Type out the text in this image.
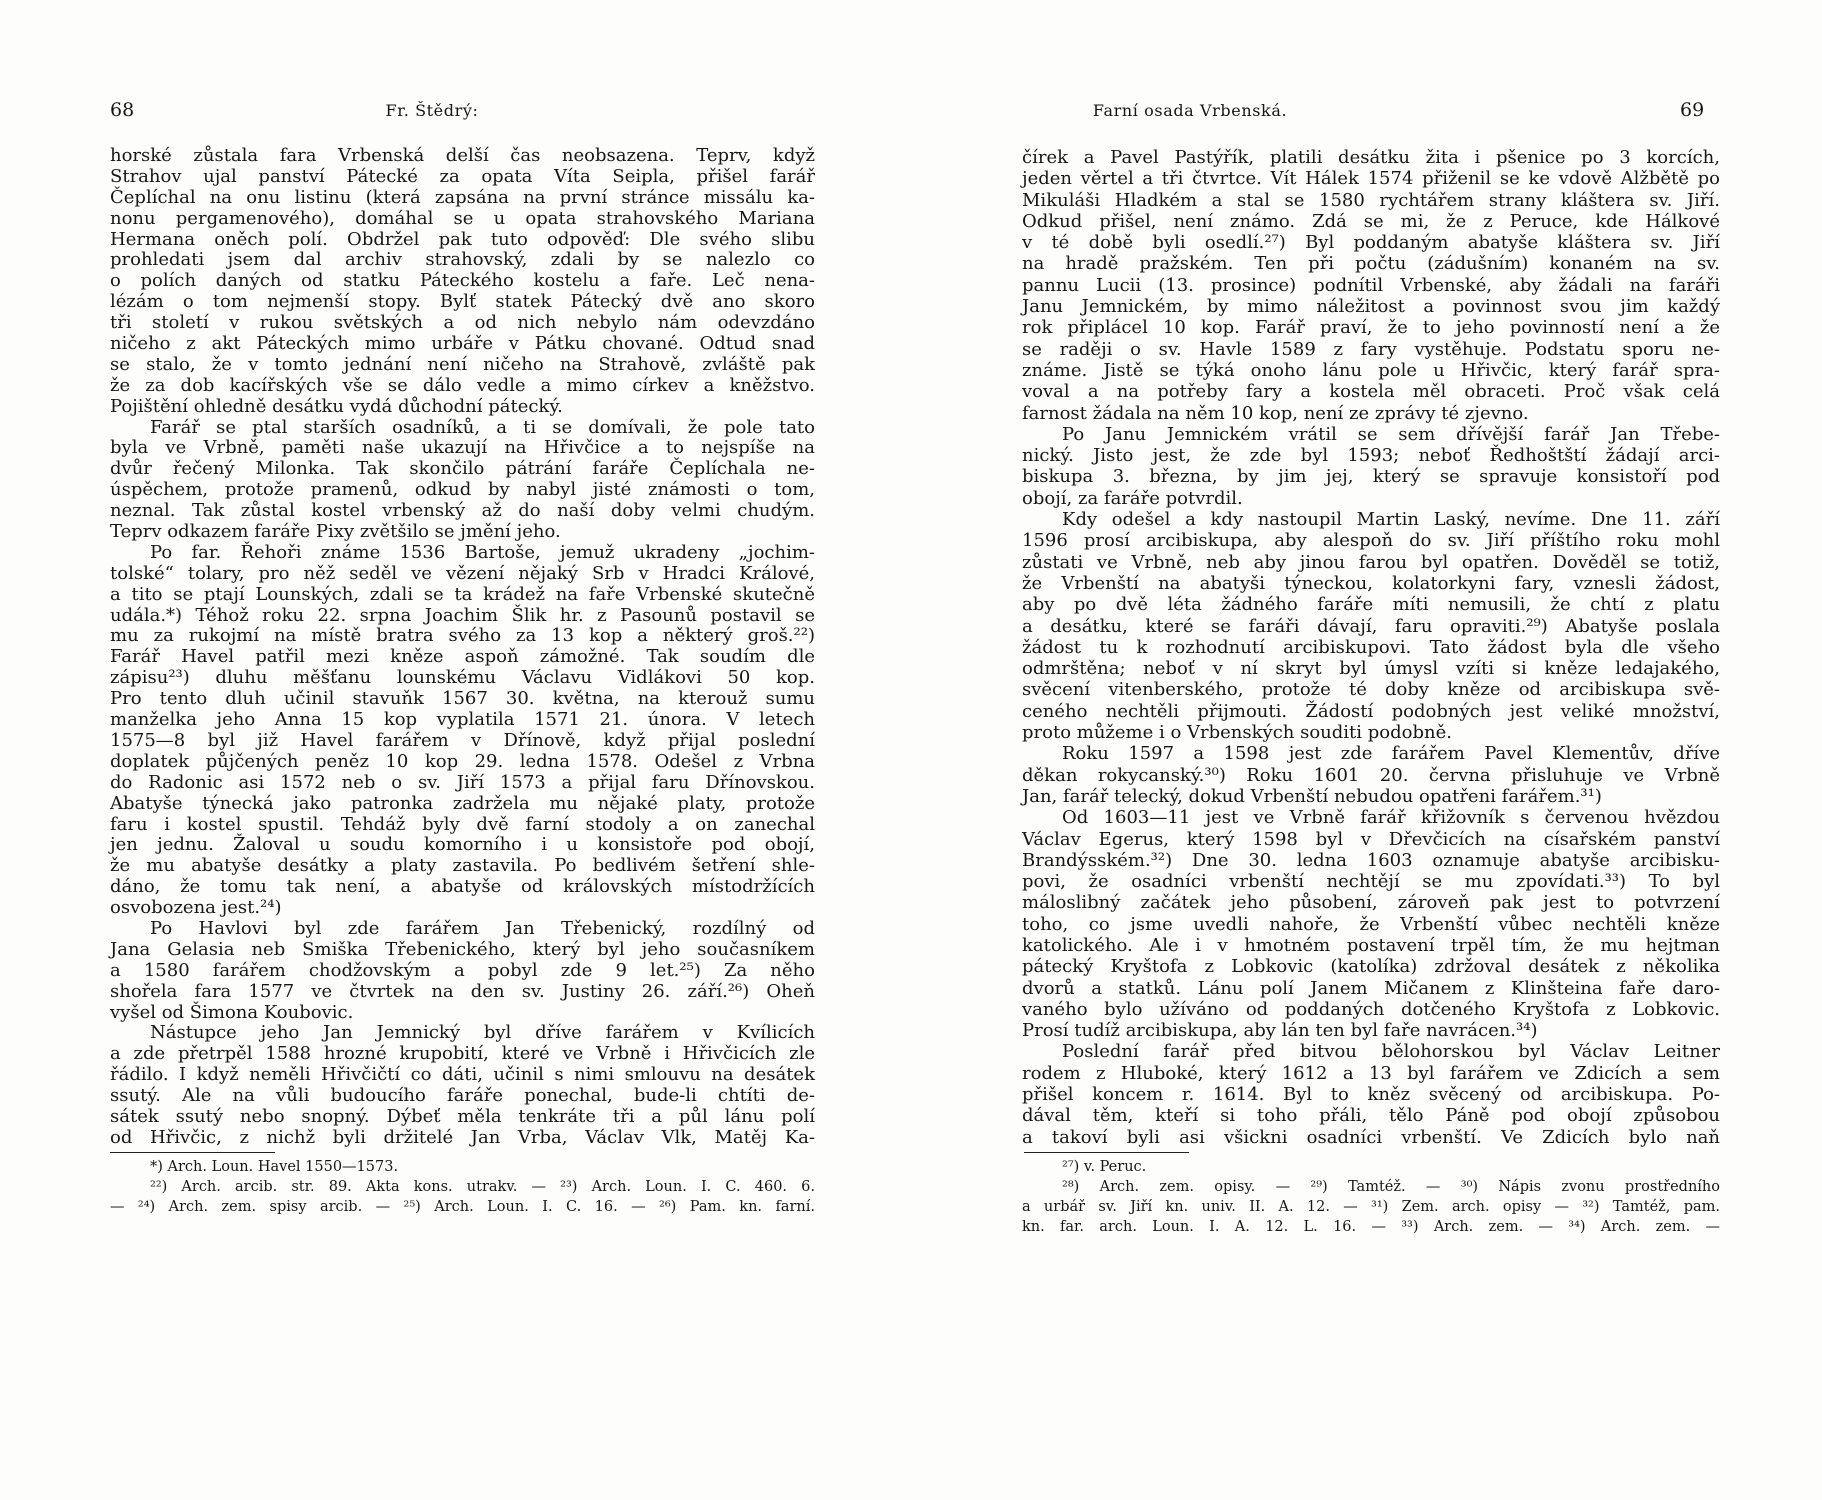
68	Fr. Štědrý:
horské zůstala fara Vrbenská delší čas neobsazena. Teprv, když
Strahov ujal panství Pátecké za opata Víta Seipla, přišel farář
Čeplíchal na onu listinu (která zapsána na první stránce missálu ka-
nonu pergamenového), domáhal se u opata strahovského Mariana
Hermana oněch polí. Obdržel pak tuto odpověď: Dle svého slibu
prohledati jsem dal archiv strahovský, zdali by se nalezlo co
o polích daných od statku Páteckého kostelu a faře. Leč nena-
lézám o tom nejmenší stopy. Bylť statek Pátecký dvě ano skoro
tři století v rukou světských a od nich nebylo nám odevzdáno
ničeho z akt Páteckých mimo urbáře v Pátku chované. Odtud snad
se stalo, že v tomto jednání není ničeho na Strahově, zvláště pak
že za dob kacířských vše se dálo vedle a mimo církev a kněžstvo.
Pojištění ohledně desátku vydá důchodní pátecký.
Farář se ptal starších osadníků, a ti se domívali, že pole tato
byla ve Vrbně, paměti naše ukazují na Hřivčice a to nejspíše na
dvůr řečený Milonka. Tak skončilo pátrání faráře Čeplíchala ne-
úspěchem, protože pramenů, odkud by nabyl jisté známosti o tom,
neznal. Tak zůstal kostel vrbenský až do naší doby velmi chudým.
Teprv odkazem faráře Pixy zvětšilo se jmění jeho.
Po far. Řehoři známe 1536 Bartoše, jemuž ukradeny „jochim-
tolské“ tolary, pro něž seděl ve vězení nějaký Srb v Hradci Králové,
a tito se ptají Lounských, zdali se ta krádež na faře Vrbenské skutečně
udála.*) Téhož roku 22. srpna Joachim Šlik hr. z Pasounů postavil se
mu za rukojmí na místě bratra svého za 13 kop a některý groš.²²)
Farář Havel patřil mezi kněze aspoň zámožné. Tak soudím dle
zápisu²³) dluhu měšťanu lounskému Václavu Vidlákovi 50 kop.
Pro tento dluh učinil stavuňk 1567 30. května, na kterouž sumu
manželka jeho Anna 15 kop vyplatila 1571 21. února. V letech
1575—8 byl již Havel farářem v Dřínově, když přijal poslední
doplatek půjčených peněz 10 kop 29. ledna 1578. Odešel z Vrbna
do Radonic asi 1572 neb o sv. Jiří 1573 a přijal faru Dřínovskou.
Abatyše týnecká jako patronka zadržela mu nějaké platy, protože
faru i kostel spustil. Tehdáž byly dvě farní stodoly a on zanechal
jen jednu. Žaloval u soudu komorního i u konsistoře pod obojí,
že mu abatyše desátky a platy zastavila. Po bedlivém šetření shle-
dáno, že tomu tak není, a abatyše od královských místodržících
osvobozena jest.²⁴)
Po Havlovi byl zde farářem Jan Třebenický, rozdílný od
Jana Gelasia neb Smiška Třebenického, který byl jeho současníkem
a 1580 farářem chodžovským a pobyl zde 9 let.²⁵) Za něho
shořela fara 1577 ve čtvrtek na den sv. Justiny 26. září.²⁶) Oheň
vyšel od Šimona Koubovic.
Nástupce jeho Jan Jemnický byl dříve farářem v Kvílicích
a zde přetrpěl 1588 hrozné krupobití, které ve Vrbně i Hřivčicích zle
řádilo. I když neměli Hřivčičtí co dáti, učinil s nimi smlouvu na desátek
ssutý. Ale na vůli budoucího faráře ponechal, bude-li chtíti de-
sátek ssutý nebo snopný. Dýbeť měla tenkráte tři a půl lánu polí
od Hřivčic, z nichž byli držitelé Jan Vrba, Václav Vlk, Matěj Ka-
*) Arch. Loun. Havel 1550—1573.
²²) Arch. arcib. str. 89. Akta kons. utrakv. — ²³) Arch. Loun. I. C. 460. 6.
— ²⁴) Arch. zem. spisy arcib. — ²⁵) Arch. Loun. I. C. 16. — ²⁶) Pam. kn. farní.
Farní osada Vrbenská.	69
čírek a Pavel Pastýřík, platili desátku žita i pšenice po 3 korcích,
jeden věrtel a tři čtvrtce. Vít Hálek 1574 přiženil se ke vdově Alžbětě po
Mikuláši Hladkém a stal se 1580 rychtářem strany kláštera sv. Jiří.
Odkud přišel, není známo. Zdá se mi, že z Peruce, kde Hálkové
v té době byli osedlí.²⁷) Byl poddaným abatyše kláštera sv. Jiří
na hradě pražském. Ten při počtu (zádušním) konaném na sv.
pannu Lucii (13. prosince) podnítil Vrbenské, aby žádali na faráři
Janu Jemnickém, by mimo náležitost a povinnost svou jim každý
rok připlácel 10 kop. Farář praví, že to jeho povinností není a že
se raději o sv. Havle 1589 z fary vystěhuje. Podstatu sporu ne-
známe. Jistě se týká onoho lánu pole u Hřivčic, který farář spra-
voval a na potřeby fary a kostela měl obraceti. Proč však celá
farnost žádala na něm 10 kop, není ze zprávy té zjevno.
Po Janu Jemnickém vrátil se sem dřívější farář Jan Třebe-
nický. Jisto jest, že zde byl 1593; neboť Ředhoštští žádají arci-
biskupa 3. března, by jim jej, který se spravuje konsistoří pod
obojí, za faráře potvrdil.
Kdy odešel a kdy nastoupil Martin Laský, nevíme. Dne 11. září
1596 prosí arcibiskupa, aby alespoň do sv. Jiří příštího roku mohl
zůstati ve Vrbně, neb aby jinou farou byl opatřen. Dověděl se totiž,
že Vrbenští na abatyši týneckou, kolatorkyni fary, vznesli žádost,
aby po dvě léta žádného faráře míti nemusili, že chtí z platu
a desátku, které se faráři dávají, faru opraviti.²⁹) Abatyše poslala
žádost tu k rozhodnutí arcibiskupovi. Tato žádost byla dle všeho
odmrštěna; neboť v ní skryt byl úmysl vzíti si kněze ledajakého,
svěcení vitenberského, protože té doby kněze od arcibiskupa svě-
ceného nechtěli přijmouti. Žádostí podobných jest veliké množství,
proto můžeme i o Vrbenských souditi podobně.
Roku 1597 a 1598 jest zde farářem Pavel Klementův, dříve
děkan rokycanský.³⁰) Roku 1601 20. června přisluhuje ve Vrbně
Jan, farář telecký, dokud Vrbenští nebudou opatřeni farářem.³¹)
Od 1603—11 jest ve Vrbně farář křižovník s červenou hvězdou
Václav Egerus, který 1598 byl v Dřevčicích na císařském panství
Brandýsském.³²) Dne 30. ledna 1603 oznamuje abatyše arcibisku-
povi, že osadníci vrbenští nechtějí se mu zpovídati.³³) To byl
máloslibný začátek jeho působení, zároveň pak jest to potvrzení
toho, co jsme uvedli nahoře, že Vrbenští vůbec nechtěli kněze
katolického. Ale i v hmotném postavení trpěl tím, že mu hejtman
pátecký Kryštofa z Lobkovic (katolíka) zdržoval desátek z několika
dvorů a statků. Lánu polí Janem Mičanem z Klinšteina faře daro-
vaného bylo užíváno od poddaných dotčeného Kryštofa z Lobkovic.
Prosí tudíž arcibiskupa, aby lán ten byl faře navrácen.³⁴)
Poslední farář před bitvou bělohorskou byl Václav Leitner
rodem z Hluboké, který 1612 a 13 byl farářem ve Zdicích a sem
přišel koncem r. 1614. Byl to kněz svěcený od arcibiskupa. Po-
dával těm, kteří si toho přáli, tělo Páně pod obojí způsobou
a takoví byli asi všickni osadníci vrbenští. Ve Zdicích bylo naň
²⁷) v. Peruc.
²⁸) Arch. zem. opisy. — ²⁹) Tamtéž. — ³⁰) Nápis zvonu prostředního
a urbář sv. Jiří kn. univ. II. A. 12. — ³¹) Zem. arch. opisy — ³²) Tamtéž, pam.
kn. far. arch. Loun. I. A. 12. L. 16. — ³³) Arch. zem. — ³⁴) Arch. zem. —
